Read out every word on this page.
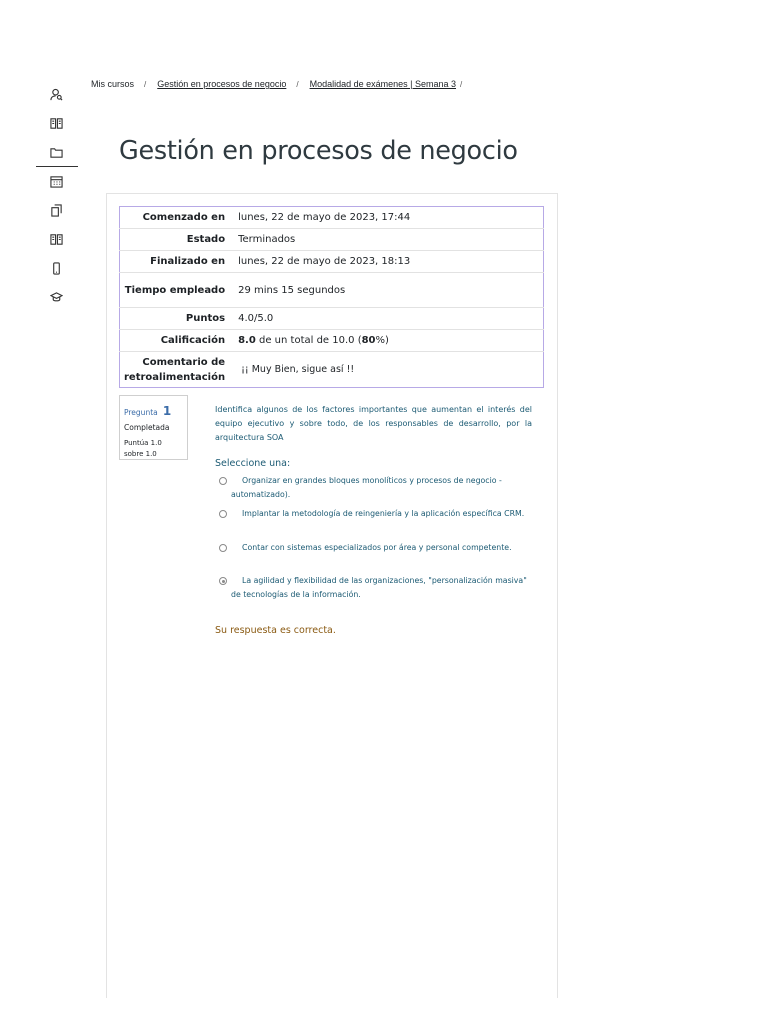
Mis cursos / Gestión en procesos de negocio / Modalidad de exámenes | Semana 3 /
Gestión en procesos de negocio
Comenzado en	lunes, 22 de mayo de 2023, 17:44
Estado	Terminados
Finalizado en	lunes, 22 de mayo de 2023, 18:13
Tiempo empleado	29 mins 15 segundos
Puntos	4.0/5.0
Calificación	8.0 de un total de 10.0 (80%)
Comentario de retroalimentación	¡¡ Muy Bien, sigue así !!
Pregunta 1
Completada
Puntúa 1.0 sobre 1.0
Identifica algunos de los factores importantes que aumentan el interés del equipo ejecutivo y sobre todo, de los responsables de desarrollo, por la arquitectura SOA
Seleccione una:
Organizar en grandes bloques monolíticos y procesos de negocio - automatizado).
Implantar la metodología de reingeniería y la aplicación específica CRM.
Contar con sistemas especializados por área y personal competente.
La agilidad y flexibilidad de las organizaciones, "personalización masiva" de tecnologías de la información.
Su respuesta es correcta.
